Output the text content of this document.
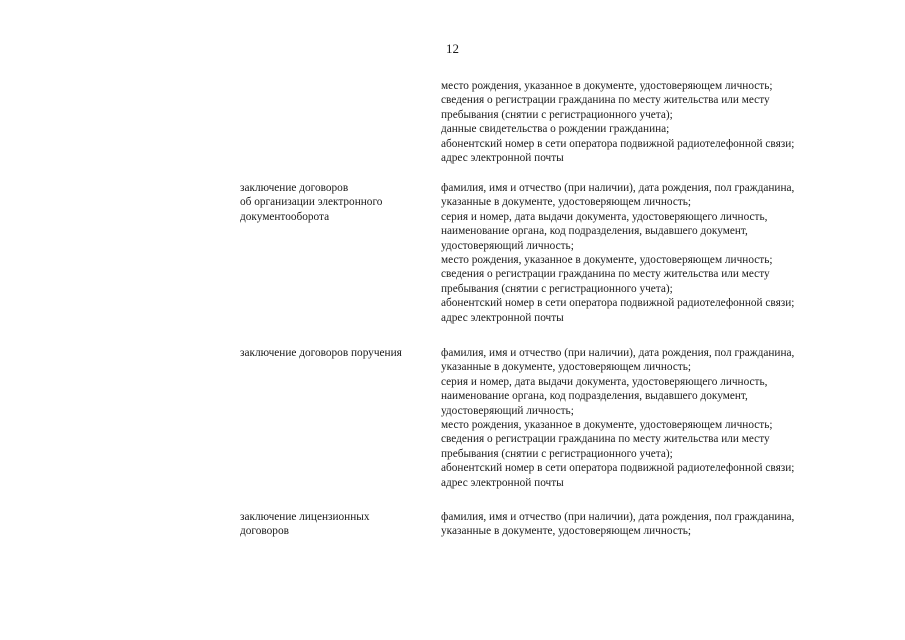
12
место рождения, указанное в документе, удостоверяющем личность;
сведения о регистрации гражданина по месту жительства или месту
пребывания (снятии с регистрационного учета);
данные свидетельства о рождении гражданина;
абонентский номер в сети оператора подвижной радиотелефонной связи;
адрес электронной почты
заключение договоров
об организации электронного
документооборота
фамилия, имя и отчество (при наличии), дата рождения, пол гражданина,
указанные в документе, удостоверяющем личность;
серия и номер, дата выдачи документа, удостоверяющего личность,
наименование органа, код подразделения, выдавшего документ,
удостоверяющий личность;
место рождения, указанное в документе, удостоверяющем личность;
сведения о регистрации гражданина по месту жительства или месту
пребывания (снятии с регистрационного учета);
абонентский номер в сети оператора подвижной радиотелефонной связи;
адрес электронной почты
заключение договоров поручения	фамилия, имя и отчество (при наличии), дата рождения, пол гражданина,
указанные в документе, удостоверяющем личность;
серия и номер, дата выдачи документа, удостоверяющего личность,
наименование органа, код подразделения, выдавшего документ,
удостоверяющий личность;
место рождения, указанное в документе, удостоверяющем личность;
сведения о регистрации гражданина по месту жительства или месту
пребывания (снятии с регистрационного учета);
абонентский номер в сети оператора подвижной радиотелефонной связи;
адрес электронной почты
заключение лицензионных
договоров
фамилия, имя и отчество (при наличии), дата рождения, пол гражданина,
указанные в документе, удостоверяющем личность;
